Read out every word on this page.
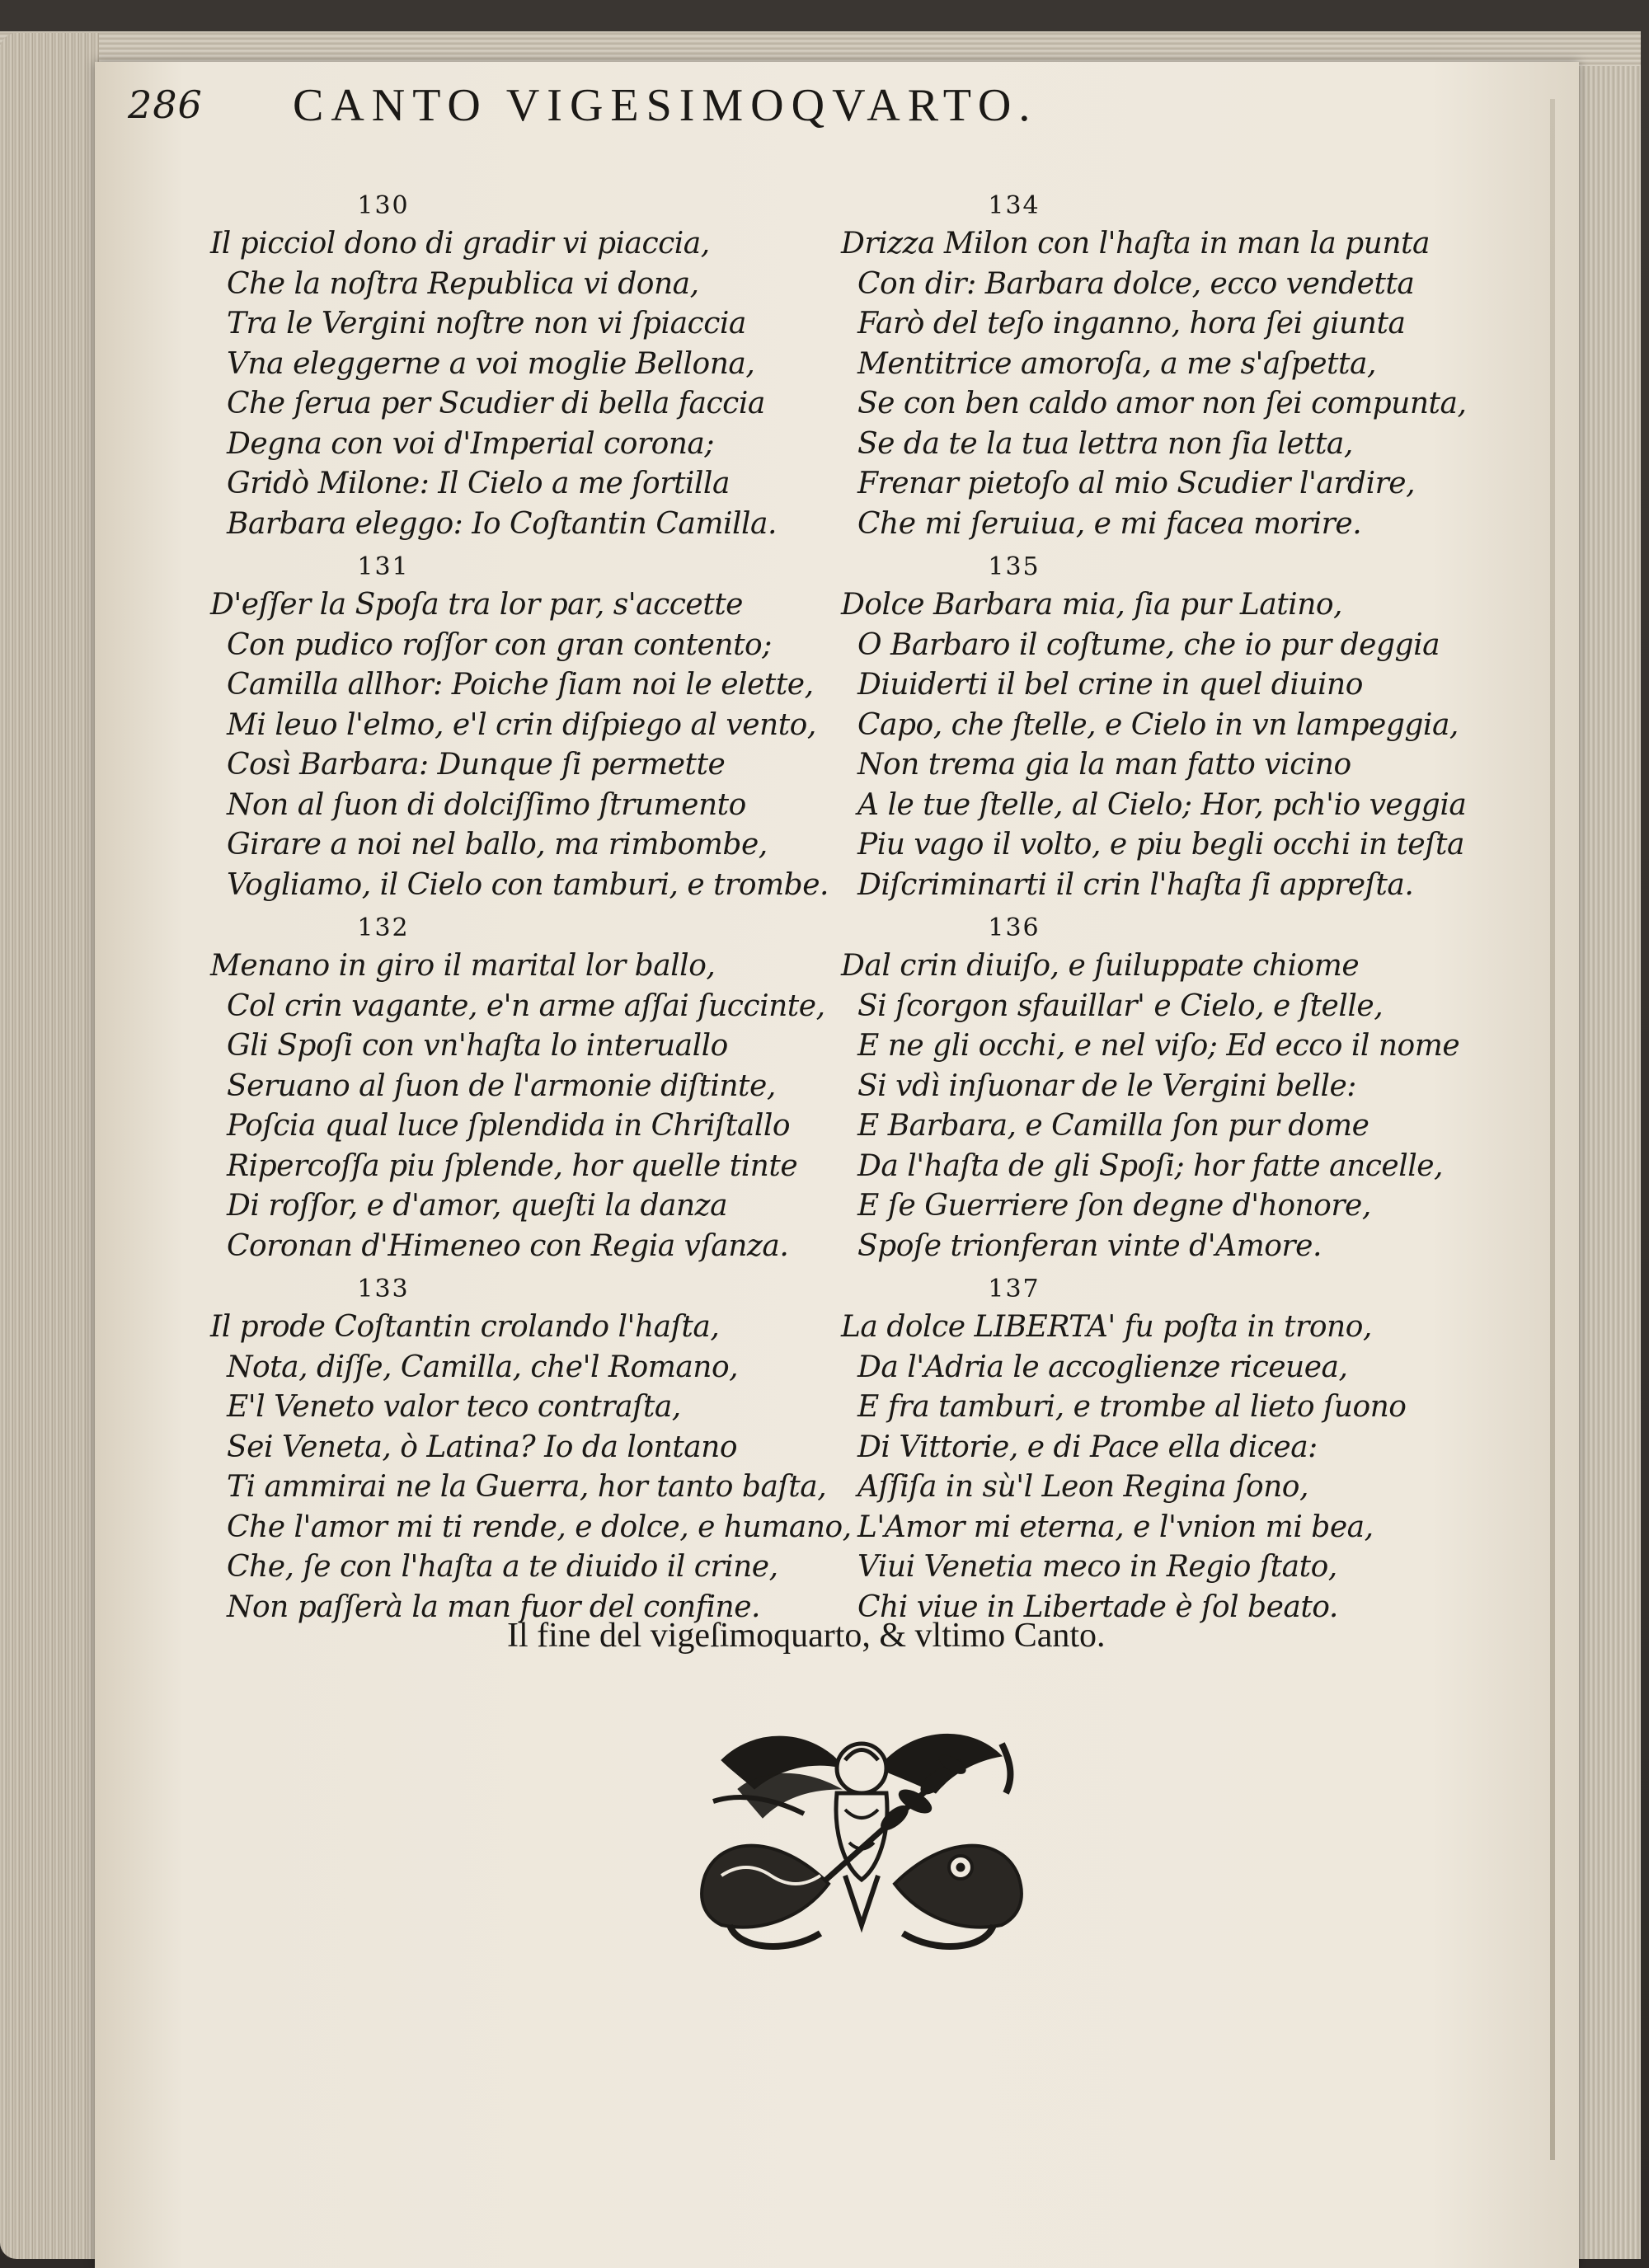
286 CANTO VIGESIMOQVARTO.
130
Il picciol dono di gradir vi piaccia,
Che la noſtra Republica vi dona,
Tra le Vergini noſtre non vi ſpiaccia
Vna eleggerne a voi moglie Bellona,
Che ſerua per Scudier di bella faccia
Degna con voi d'Imperial corona;
Gridò Milone: Il Cielo a me ſortilla
Barbara eleggo: Io Coſtantin Camilla.
131
D'eſſer la Spoſa tra lor par, s'accette
Con pudico roſſor con gran contento;
Camilla allhor: Poiche ſiam noi le elette,
Mi leuo l'elmo, e'l crin diſpiego al vento,
Così Barbara: Dunque ſi permette
Non al ſuon di dolciſſimo ſtrumento
Girare a noi nel ballo, ma rimbombe,
Vogliamo, il Cielo con tamburi, e trombe.
132
Menano in giro il marital lor ballo,
Col crin vagante, e'n arme aſſai ſuccinte,
Gli Spoſi con vn'haſta lo interuallo
Seruano al ſuon de l'armonie diſtinte,
Poſcia qual luce ſplendida in Chriſtallo
Ripercoſſa piu ſplende, hor quelle tinte
Di roſſor, e d'amor, queſti la danza
Coronan d'Himeneo con Regia vſanza.
133
Il prode Coſtantin crolando l'haſta,
Nota, diſſe, Camilla, che'l Romano,
E'l Veneto valor teco contraſta,
Sei Veneta, ò Latina? Io da lontano
Ti ammirai ne la Guerra, hor tanto baſta,
Che l'amor mi ti rende, e dolce, e humano,
Che, ſe con l'haſta a te diuido il crine,
Non paſſerà la man fuor del confine.
134
Drizza Milon con l'haſta in man la punta
Con dir: Barbara dolce, ecco vendetta
Farò del teſo inganno, hora ſei giunta
Mentitrice amoroſa, a me s'aſpetta,
Se con ben caldo amor non ſei compunta,
Se da te la tua lettra non ſia letta,
Frenar pietoſo al mio Scudier l'ardire,
Che mi ſeruiua, e mi facea morire.
135
Dolce Barbara mia, ſia pur Latino,
O Barbaro il coſtume, che io pur deggia
Diuiderti il bel crine in quel diuino
Capo, che ſtelle, e Cielo in vn lampeggia,
Non trema gia la man fatto vicino
A le tue ſtelle, al Cielo; Hor, pch'io veggia
Piu vago il volto, e piu begli occhi in teſta
Diſcriminarti il crin l'haſta ſi appreſta.
136
Dal crin diuiſo, e ſuiluppate chiome
Si ſcorgon sfauillar' e Cielo, e ſtelle,
E ne gli occhi, e nel viſo; Ed ecco il nome
Si vdì inſuonar de le Vergini belle:
E Barbara, e Camilla ſon pur dome
Da l'haſta de gli Spoſi; hor fatte ancelle,
E ſe Guerriere ſon degne d'honore,
Spoſe trionferan vinte d'Amore.
137
La dolce LIBERTA' fu poſta in trono,
Da l'Adria le accoglienze riceuea,
E fra tamburi, e trombe al lieto ſuono
Di Vittorie, e di Pace ella dicea:
Aſſiſa in sù'l Leon Regina ſono,
L'Amor mi eterna, e l'vnion mi bea,
Viui Venetia meco in Regio ſtato,
Chi viue in Libertade è ſol beato.
Il fine del vigeſimoquarto, & vltimo Canto.
